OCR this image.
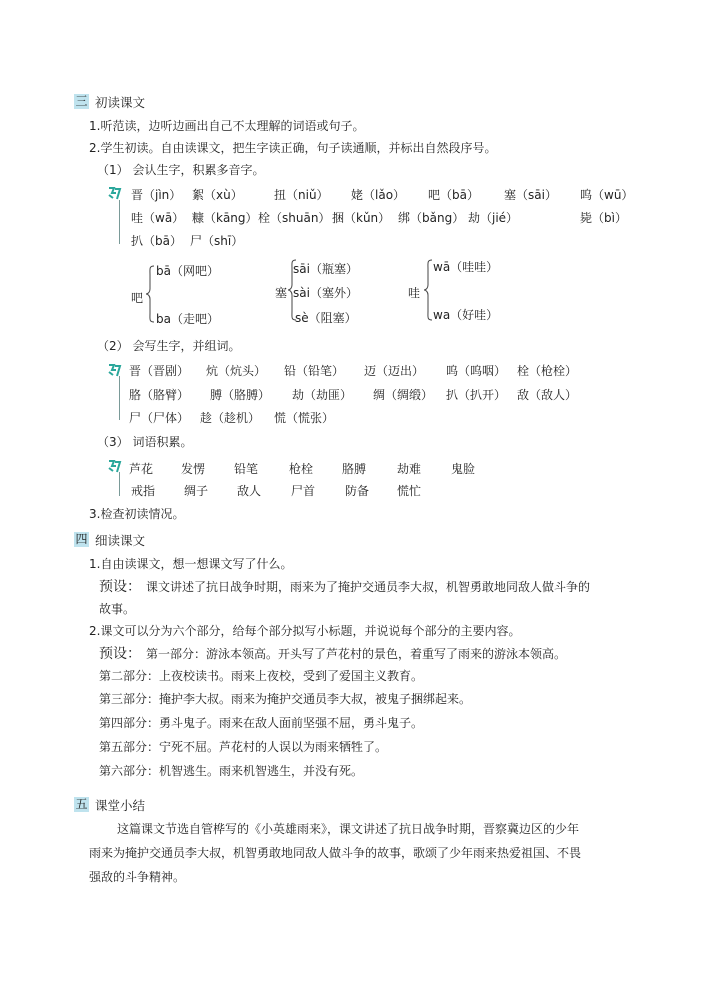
三 初读课文
1.听范读，边听边画出自己不太理解的词语或句子。
2.学生初读。自由读课文，把生字读正确，句子读通顺，并标出自然段序号。
（1） 会认生字，积累多音字。
晋（jìn） 絮（xù）	扭（niǔ） 姥（lǎo） 吧（bā） 塞（sāi） 呜（wū）
哇（wā） 糠（kāng） 栓（shuān） 捆（kǔn） 绑（bǎng） 劫（jié）	毙（bì）
扒（bā） 尸（shī）
吧
bā（网吧）
ba（走吧）
塞
sāi（瓶塞）
sài（塞外）
sè（阻塞）
哇
wā（哇哇）
wa（好哇）
（2） 会写生字，并组词。
晋（晋剧） 炕（炕头） 铅（铅笔） 迈（迈出） 呜（呜咽） 栓（枪栓）
胳（胳臂） 膊（胳膊） 劫（劫匪） 绸（绸缎） 扒（扒开） 敌（敌人）
尸（尸体） 趁（趁机） 慌（慌张）
（3） 词语积累。
芦花 发愣 铅笔	枪栓 胳膊	劫难 鬼脸
戒指 绸子 敌人 尸首 防备 慌忙
3.检查初读情况。
四 细读课文
1.自由读课文，想一想课文写了什么。
预设： 课文讲述了抗日战争时期，雨来为了掩护交通员李大叔，机智勇敢地同敌人做斗争的
故事。
2.课文可以分为六个部分，给每个部分拟写小标题，并说说每个部分的主要内容。
预设： 第一部分：游泳本领高。开头写了芦花村的景色，着重写了雨来的游泳本领高。
第二部分：上夜校读书。雨来上夜校，受到了爱国主义教育。
第三部分：掩护李大叔。雨来为掩护交通员李大叔，被鬼子捆绑起来。
第四部分：勇斗鬼子。雨来在敌人面前坚强不屈，勇斗鬼子。
第五部分：宁死不屈。芦花村的人误以为雨来牺牲了。
第六部分：机智逃生。雨来机智逃生，并没有死。
五 课堂小结
这篇课文节选自管桦写的《小英雄雨来》，课文讲述了抗日战争时期，晋察冀边区的少年
雨来为掩护交通员李大叔，机智勇敢地同敌人做斗争的故事，歌颂了少年雨来热爱祖国、不畏
强敌的斗争精神。
